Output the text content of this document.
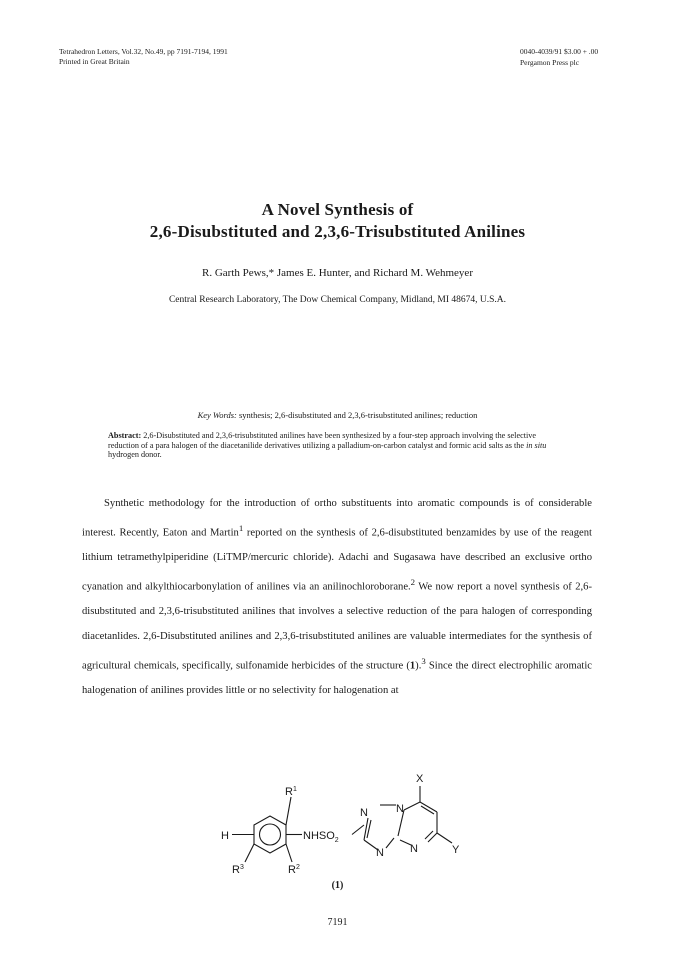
Tetrahedron Letters, Vol.32, No.49, pp 7191-7194, 1991
Printed in Great Britain
0040-4039/91 $3.00 + .00
Pergamon Press plc
A Novel Synthesis of
2,6-Disubstituted and 2,3,6-Trisubstituted Anilines
R. Garth Pews,* James E. Hunter, and Richard M. Wehmeyer
Central Research Laboratory, The Dow Chemical Company, Midland, MI 48674, U.S.A.
Key Words: synthesis; 2,6-disubstituted and 2,3,6-trisubstituted anilines; reduction
Abstract: 2,6-Disubstituted and 2,3,6-trisubstituted anilines have been synthesized by a four-step approach involving the selective reduction of a para halogen of the diacetanilide derivatives utilizing a palladium-on-carbon catalyst and formic acid salts as the in situ hydrogen donor.

Synthetic methodology for the introduction of ortho substituents into aromatic compounds is of considerable interest. Recently, Eaton and Martin$^1$ reported on the synthesis of 2,6-disubstituted benzamides by use of the reagent lithium tetramethylpiperidine (LiTMP/mercuric chloride). Adachi and Sugasawa have described an exclusive ortho cyanation and alkylthiocarbonylation of anilines via an anilinochloroborane.$^2$ We now report a novel synthesis of 2,6-disubstituted and 2,3,6-trisubstituted anilines that involves a selective reduction of the para halogen of corresponding diacetanlides. 2,6-Disubstituted anilines and 2,3,6-trisubstituted anilines are valuable intermediates for the synthesis of agricultural chemicals, specifically, sulfonamide herbicides of the structure (1).$^3$ Since the direct electrophilic aromatic halogenation of anilines provides little or no selectivity for halogenation at

H
$R^1$
$R^2$
$R^3$
$NHSO_2$
N	N
N N
X
Y
(1)
7191
